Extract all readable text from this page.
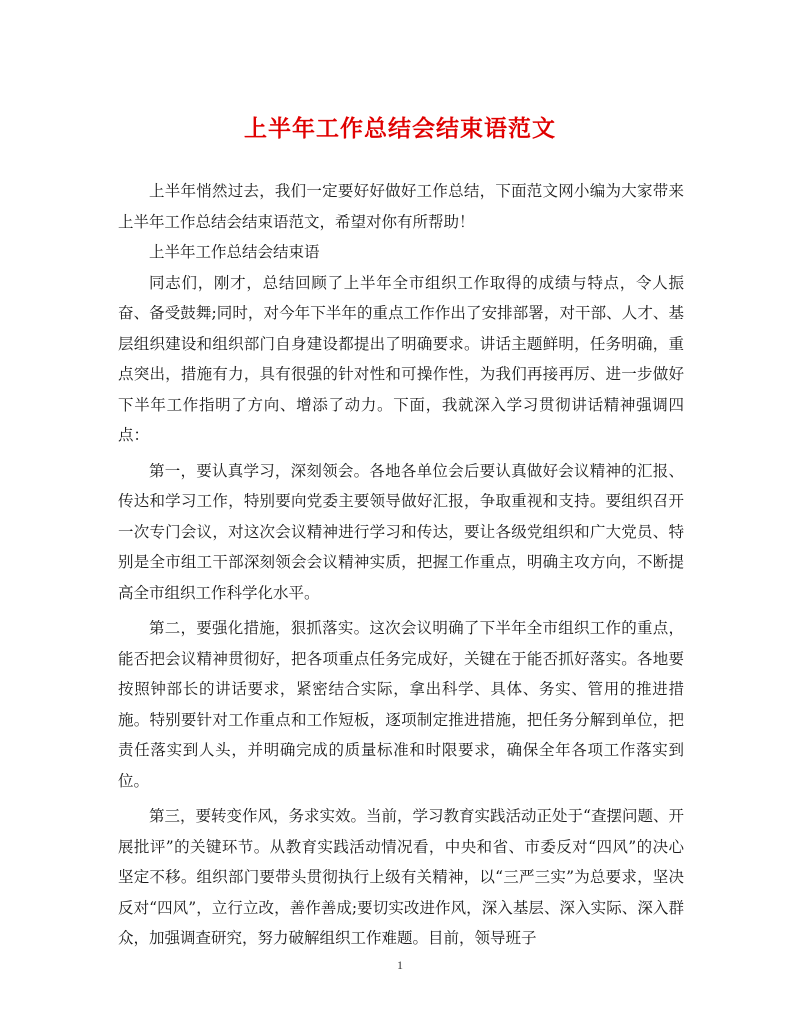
上半年工作总结会结束语范文

上半年悄然过去，我们一定要好好做好工作总结，下面范文网小编为大家带来上半年工作总结会结束语范文，希望对你有所帮助！

上半年工作总结会结束语

同志们，刚才，总结回顾了上半年全市组织工作取得的成绩与特点，令人振奋、备受鼓舞;同时，对今年下半年的重点工作作出了安排部署，对干部、人才、基层组织建设和组织部门自身建设都提出了明确要求。讲话主题鲜明，任务明确，重点突出，措施有力，具有很强的针对性和可操作性，为我们再接再厉、进一步做好下半年工作指明了方向、增添了动力。下面，我就深入学习贯彻讲话精神强调四点：

第一，要认真学习，深刻领会。各地各单位会后要认真做好会议精神的汇报、传达和学习工作，特别要向党委主要领导做好汇报，争取重视和支持。要组织召开一次专门会议，对这次会议精神进行学习和传达，要让各级党组织和广大党员、特别是全市组工干部深刻领会会议精神实质，把握工作重点，明确主攻方向，不断提高全市组织工作科学化水平。

第二，要强化措施，狠抓落实。这次会议明确了下半年全市组织工作的重点，能否把会议精神贯彻好，把各项重点任务完成好，关键在于能否抓好落实。各地要按照钟部长的讲话要求，紧密结合实际，拿出科学、具体、务实、管用的推进措施。特别要针对工作重点和工作短板，逐项制定推进措施，把任务分解到单位，把责任落实到人头，并明确完成的质量标准和时限要求，确保全年各项工作落实到位。

第三，要转变作风，务求实效。当前，学习教育实践活动正处于“查摆问题、开展批评”的关键环节。从教育实践活动情况看，中央和省、市委反对“四风”的决心坚定不移。组织部门要带头贯彻执行上级有关精神，以“三严三实”为总要求，坚决反对“四风”，立行立改，善作善成;要切实改进作风，深入基层、深入实际、深入群众，加强调查研究，努力破解组织工作难题。目前，领导班子

1
